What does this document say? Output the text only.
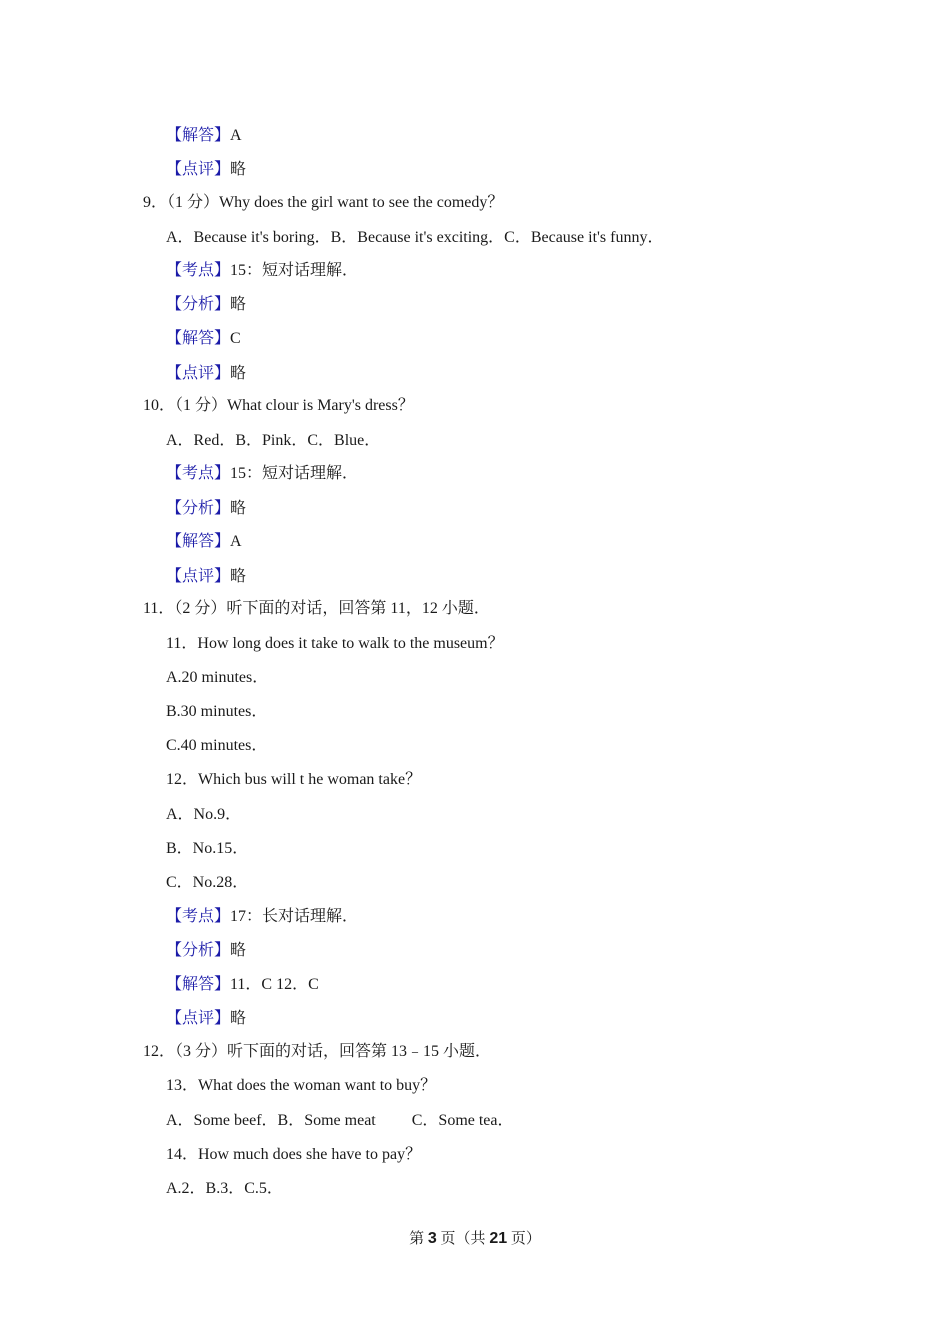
【解答】A
【点评】略
9．（1 分）Why does the girl want to see the comedy？
A．Because it's boring．B．Because it's exciting．C．Because it's funny．
【考点】15：短对话理解．
【分析】略
【解答】C
【点评】略
10．（1 分）What clour is Mary's dress？
A．Red．B．Pink．C．Blue．
【考点】15：短对话理解．
【分析】略
【解答】A
【点评】略
11．（2 分）听下面的对话，回答第 11，12 小题．
11．How long does it take to walk to the museum？
A.20 minutes．
B.30 minutes．
C.40 minutes．
12．Which bus will t he woman take？
A．No.9．
B．No.15．
C．No.28．
【考点】17：长对话理解．
【分析】略
【解答】11．C 12．C
【点评】略
12．（3 分）听下面的对话，回答第 13﹣15 小题．
13．What does the woman want to buy？
A．Some beef．B．Some meat         C．Some tea．
14．How much does she have to pay？
A.2．B.3．C.5．
第 3 页（共 21 页）
